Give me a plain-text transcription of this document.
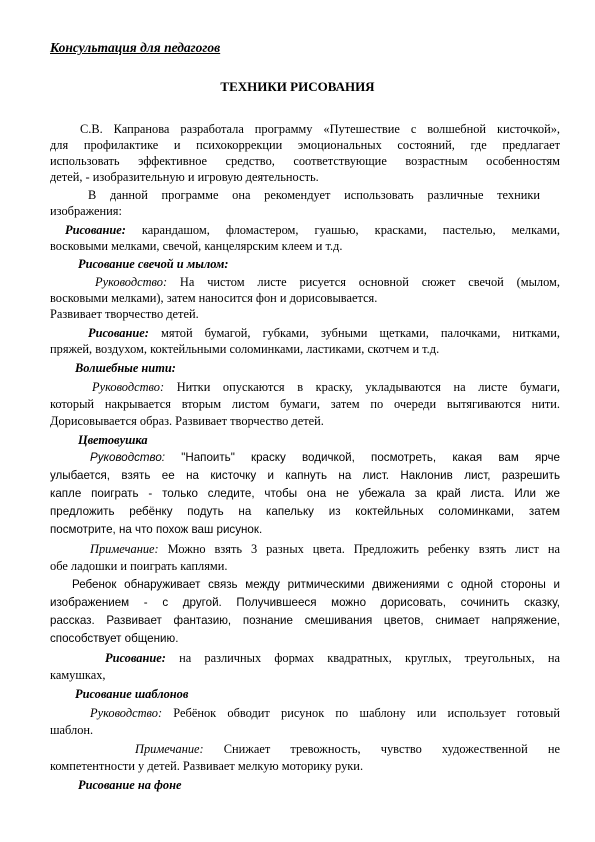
Консультация для педагогов
ТЕХНИКИ РИСОВАНИЯ
С.В. Капранова разработала программу «Путешествие с волшебной кисточкой»,
для профилактике и психокоррекции эмоциональных состояний, где предлагает
использовать эффективное средство, соответствующие возрастным особенностям
детей, - изобразительную и игровую деятельность.
В данной программе она рекомендует использовать различные техники
изображения:
Рисование: карандашом, фломастером, гуашью, красками, пастелью, мелками,
восковыми мелками, свечой, канцелярским клеем и т.д.
Рисование свечой и мылом:
Руководство: На чистом листе рисуется основной сюжет свечой (мылом,
восковыми мелками), затем наносится фон и дорисовывается.
Развивает творчество детей.
Рисование: мятой бумагой, губками, зубными щетками, палочками, нитками,
пряжей, воздухом, коктейльными соломинками, ластиками, скотчем и т.д.
Волшебные нити:
Руководство: Нитки опускаются в краску, укладываются на листе бумаги,
который накрывается вторым листом бумаги, затем по очереди вытягиваются нити.
Дорисовывается образ. Развивает творчество детей.
Цветовушка
Руководство: "Напоить" краску водичкой, посмотреть, какая вам ярче
улыбается, взять ее на кисточку и капнуть на лист. Наклонив лист, разрешить
капле поиграть - только следите, чтобы она не убежала за край листа. Или же
предложить ребёнку подуть на капельку из коктейльных соломинками, затем
посмотрите, на что похож ваш рисунок.
Примечание: Можно взять 3 разных цвета. Предложить ребенку взять лист на
обе ладошки и поиграть каплями.
Ребенок обнаруживает связь между ритмическими движениями с одной стороны и
изображением - с другой. Получившееся можно дорисовать, сочинить сказку,
рассказ. Развивает фантазию, познание смешивания цветов, снимает напряжение,
способствует общению.
Рисование: на различных формах квадратных, круглых, треугольных, на
камушках,
Рисование шаблонов
Руководство: Ребёнок обводит рисунок по шаблону или использует готовый
шаблон.
Примечание: Снижает тревожность, чувство художественной не
компетентности у детей. Развивает мелкую моторику руки.
Рисование на фоне
